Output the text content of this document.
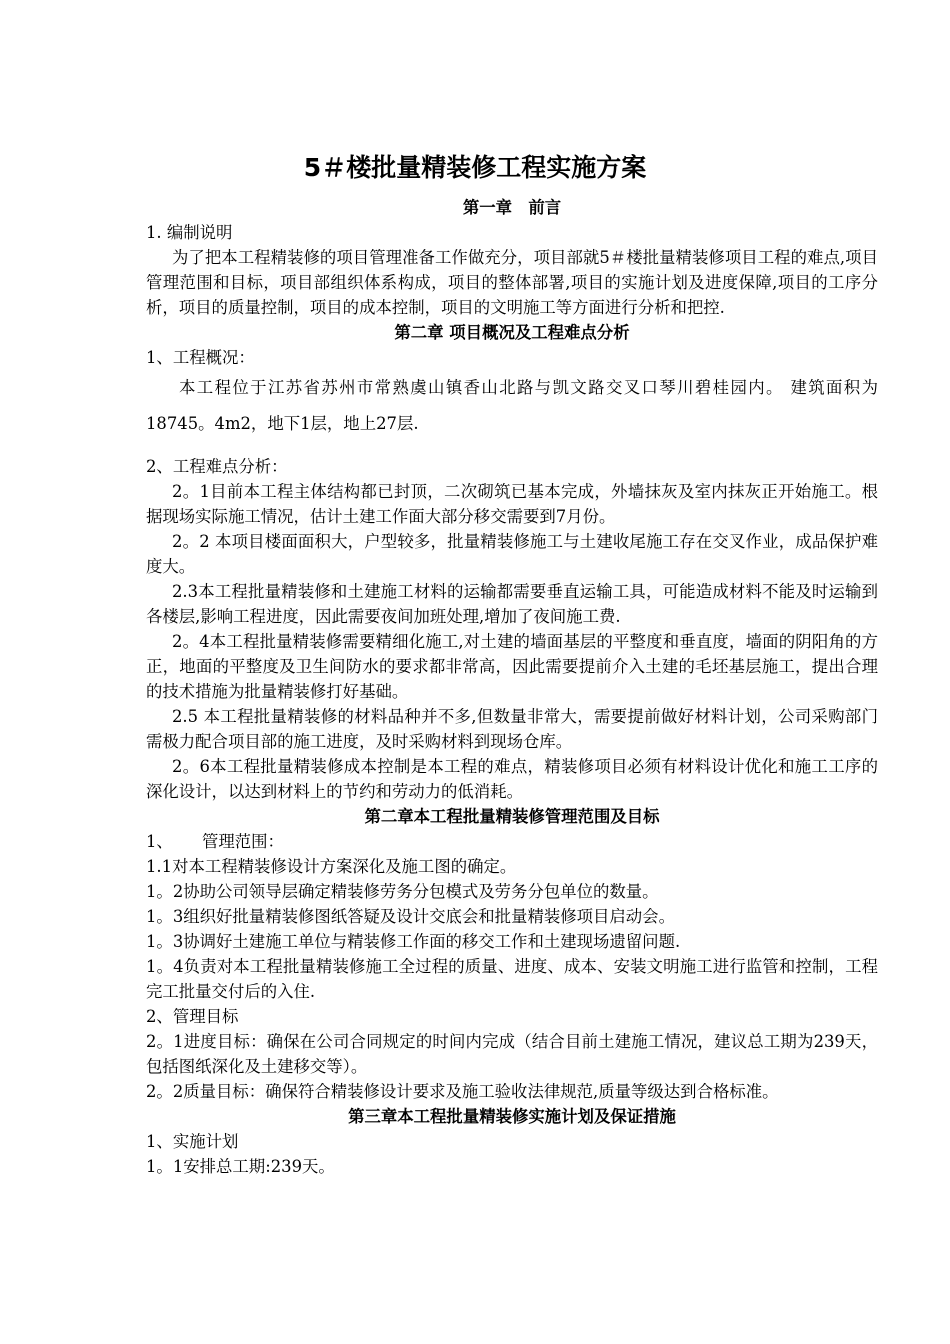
5＃楼批量精装修工程实施方案

第一章　前言

1. 编制说明

为了把本工程精装修的项目管理准备工作做充分，项目部就5＃楼批量精装修项目工程的难点,项目管理范围和目标，项目部组织体系构成，项目的整体部署,项目的实施计划及进度保障,项目的工序分析，项目的质量控制，项目的成本控制，项目的文明施工等方面进行分析和把控.

第二章 项目概况及工程难点分析

1、工程概况：

本工程位于江苏省苏州市常熟虞山镇香山北路与凯文路交叉口琴川碧桂园内。 建筑面积为18745。4m2，地下1层，地上27层.

2、工程难点分析：

2。1目前本工程主体结构都已封顶，二次砌筑已基本完成，外墙抹灰及室内抹灰正开始施工。根据现场实际施工情况，估计土建工作面大部分移交需要到7月份。

2。2 本项目楼面面积大，户型较多，批量精装修施工与土建收尾施工存在交叉作业，成品保护难度大。

2.3本工程批量精装修和土建施工材料的运输都需要垂直运输工具，可能造成材料不能及时运输到各楼层,影响工程进度，因此需要夜间加班处理,增加了夜间施工费.

2。4本工程批量精装修需要精细化施工,对土建的墙面基层的平整度和垂直度，墙面的阴阳角的方正，地面的平整度及卫生间防水的要求都非常高，因此需要提前介入土建的毛坯基层施工，提出合理的技术措施为批量精装修打好基础。

2.5 本工程批量精装修的材料品种并不多,但数量非常大，需要提前做好材料计划，公司采购部门需极力配合项目部的施工进度，及时采购材料到现场仓库。

2。6本工程批量精装修成本控制是本工程的难点，精装修项目必须有材料设计优化和施工工序的深化设计，以达到材料上的节约和劳动力的低消耗。

第二章本工程批量精装修管理范围及目标

1、 管理范围：

1.1对本工程精装修设计方案深化及施工图的确定。

1。2协助公司领导层确定精装修劳务分包模式及劳务分包单位的数量。

1。3组织好批量精装修图纸答疑及设计交底会和批量精装修项目启动会。

1。3协调好土建施工单位与精装修工作面的移交工作和土建现场遗留问题.

1。4负责对本工程批量精装修施工全过程的质量、进度、成本、安装文明施工进行监管和控制，工程完工批量交付后的入住.

2、管理目标

2。1进度目标：确保在公司合同规定的时间内完成（结合目前土建施工情况，建议总工期为239天，包括图纸深化及土建移交等）。

2。2质量目标：确保符合精装修设计要求及施工验收法律规范,质量等级达到合格标准。

第三章本工程批量精装修实施计划及保证措施

1、实施计划

1。1安排总工期:239天。
